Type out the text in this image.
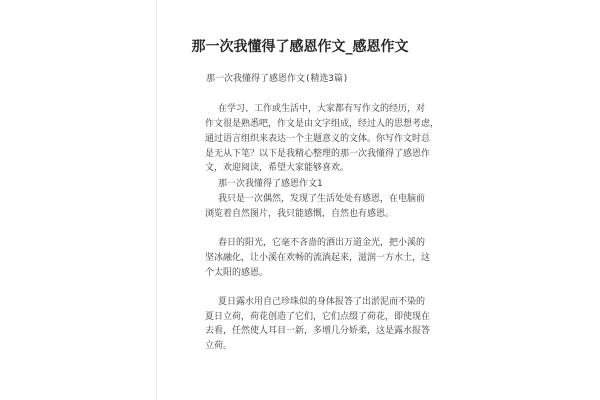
那一次我懂得了感恩作文_感恩作文
那一次我懂得了感恩作文(精选3篇)
在学习、工作或生活中，大家都有写作文的经历，对
作文很是熟悉吧，作文是由文字组成，经过人的思想考虑，
通过语言组织来表达一个主题意义的文体。你写作文时总
是无从下笔？以下是我精心整理的那一次我懂得了感恩作
文，欢迎阅读，希望大家能够喜欢。
那一次我懂得了感恩作文1
我只是一次偶然，发现了生活处处有感恩，在电脑前
浏览着自然图片，我只能感慨，自然也有感恩。
春日的阳光，它毫不吝啬的洒出万道金光，把小溪的
坚冰融化，让小溪在欢畅的流淌起来，滋润一方水土，这
个太阳的感恩。
夏日露水用自己珍珠似的身体报答了出淤泥而不染的
夏日立荷，荷花创造了它们，它们点缀了荷花，即使现在
去看，任然使人耳目一新，多增几分娇柔，这是露水报答
立荷。
